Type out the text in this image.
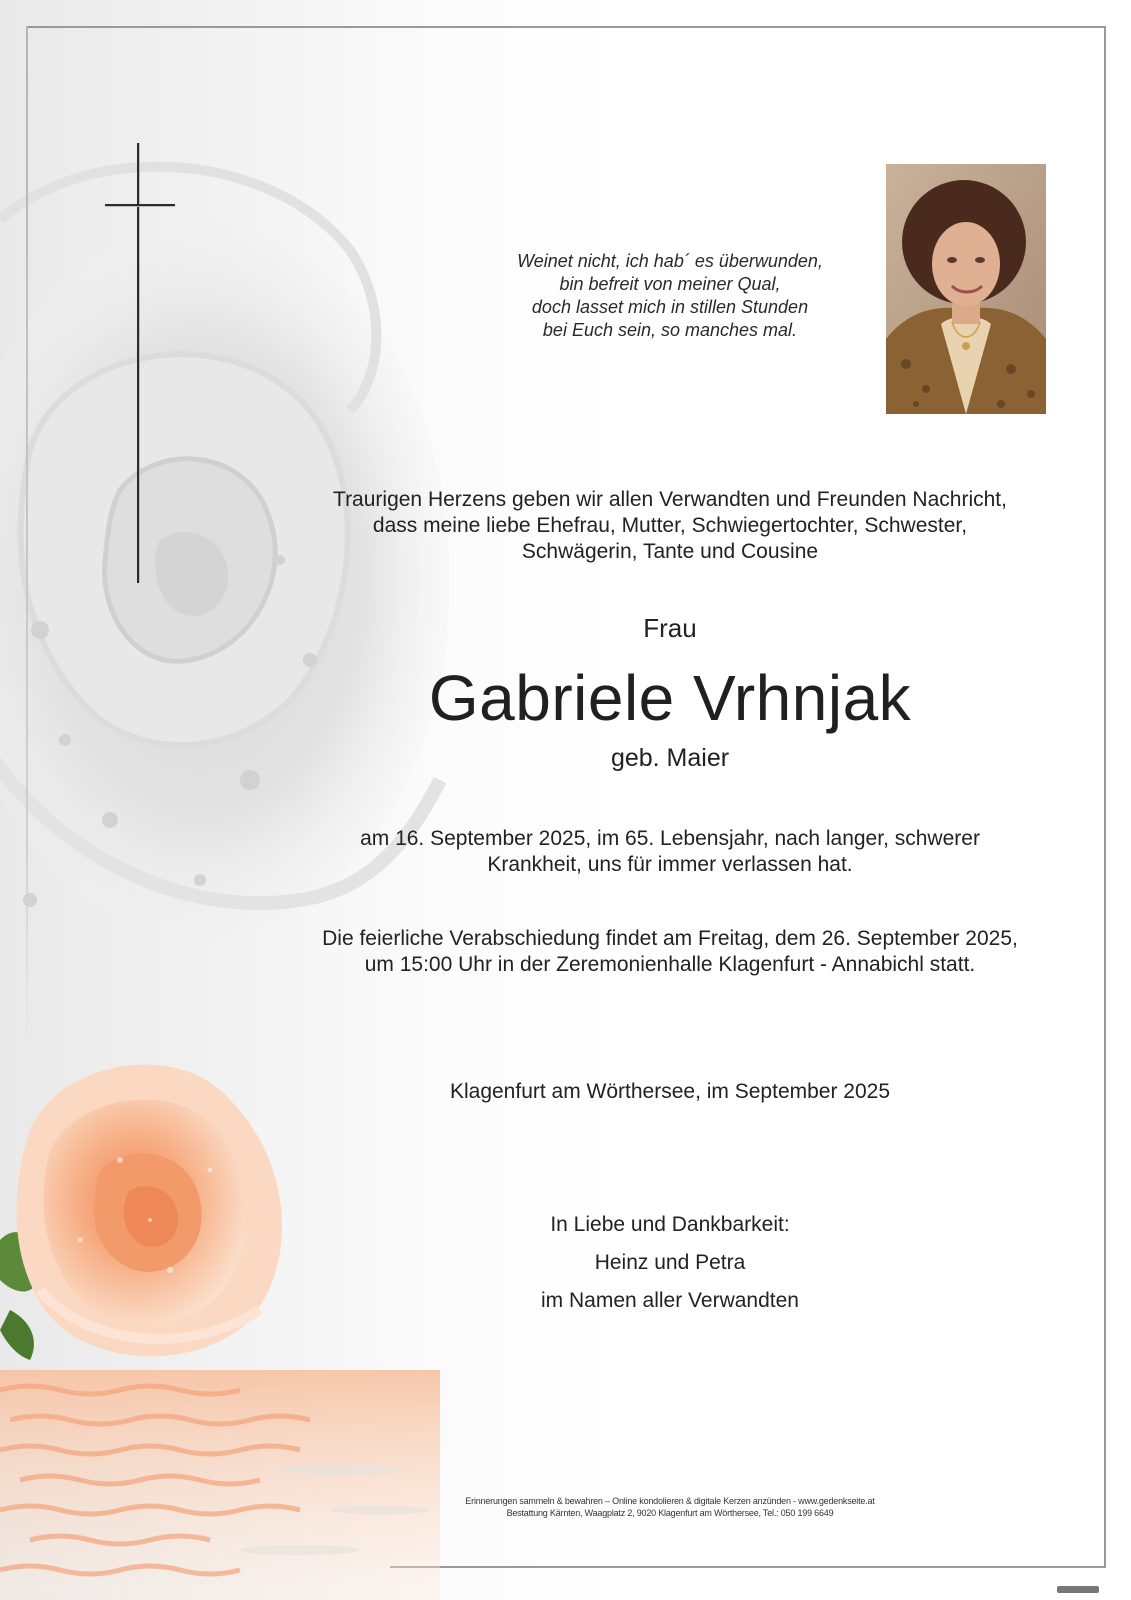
Weinet nicht, ich hab´ es überwunden,
bin befreit von meiner Qual,
doch lasset mich in stillen Stunden
bei Euch sein, so manches mal.
Traurigen Herzens geben wir allen Verwandten und Freunden Nachricht,
dass meine liebe Ehefrau, Mutter, Schwiegertochter, Schwester,
Schwägerin, Tante und Cousine
Frau
Gabriele Vrhnjak
geb. Maier
am 16. September 2025, im 65. Lebensjahr, nach langer, schwerer
Krankheit, uns für immer verlassen hat.
Die feierliche Verabschiedung findet am Freitag, dem 26. September 2025,
um 15:00 Uhr in der Zeremonienhalle Klagenfurt - Annabichl statt.
Klagenfurt am Wörthersee, im September 2025
In Liebe und Dankbarkeit:
Heinz und Petra
im Namen aller Verwandten
Erinnerungen sammeln & bewahren – Online kondolieren & digitale Kerzen anzünden - www.gedenkseite.at
Bestattung Kärnten, Waagplatz 2, 9020 Klagenfurt am Wörthersee, Tel.: 050 199 6649
